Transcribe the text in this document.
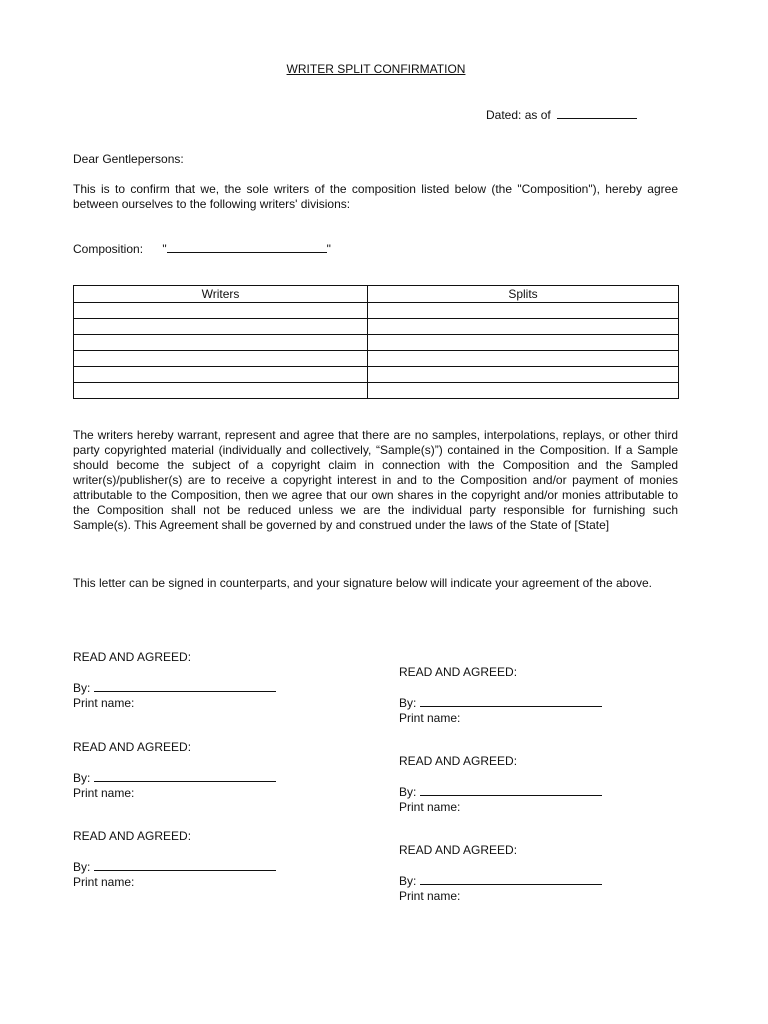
WRITER SPLIT CONFIRMATION
Dated: as of
Dear Gentlepersons:
This is to confirm that we, the sole writers of the composition listed below (the "Composition"), hereby agree between ourselves to the following writers' divisions:
Composition: "	"
Writers	Splits

The writers hereby warrant, represent and agree that there are no samples, interpolations, replays, or other third party copyrighted material (individually and collectively, “Sample(s)”) contained in the Composition. If a Sample should become the subject of a copyright claim in connection with the Composition and the Sampled writer(s)/publisher(s) are to receive a copyright interest in and to the Composition and/or payment of monies attributable to the Composition, then we agree that our own shares in the copyright and/or monies attributable to the Composition shall not be reduced unless we are the individual party responsible for furnishing such Sample(s). This Agreement shall be governed by and construed under the laws of the State of [State]
This letter can be signed in counterparts, and your signature below will indicate your agreement of the above.
READ AND AGREED:
By:
Print name:
READ AND AGREED:
By:
Print name:
READ AND AGREED:
By:
Print name:
READ AND AGREED:
By:
Print name:
READ AND AGREED:
By:
Print name:
READ AND AGREED:
By:
Print name:
